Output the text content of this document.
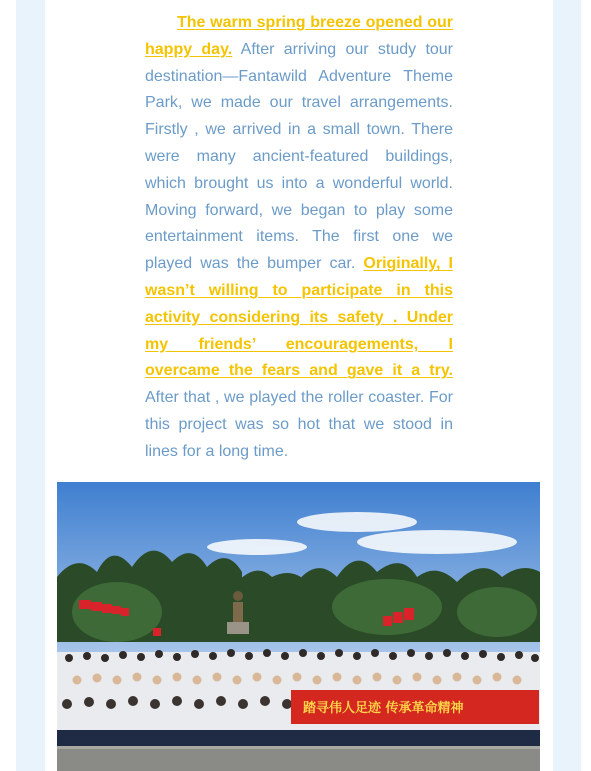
The warm spring breeze opened our happy day. After arriving our study tour destination—Fantawild Adventure Theme Park, we made our travel arrangements. Firstly , we arrived in a small town. There were many ancient-featured buildings, which brought us into a wonderful world. Moving forward, we began to play some entertainment items. The first one we played was the bumper car. Originally, I wasn’t willing to participate in this activity considering its safety . Under my friends’ encouragements, I overcame the fears and gave it a try. After that , we played the roller coaster. For this project was so hot that we stood in lines for a long time.

踏寻伟人足迹 传承革命精神
